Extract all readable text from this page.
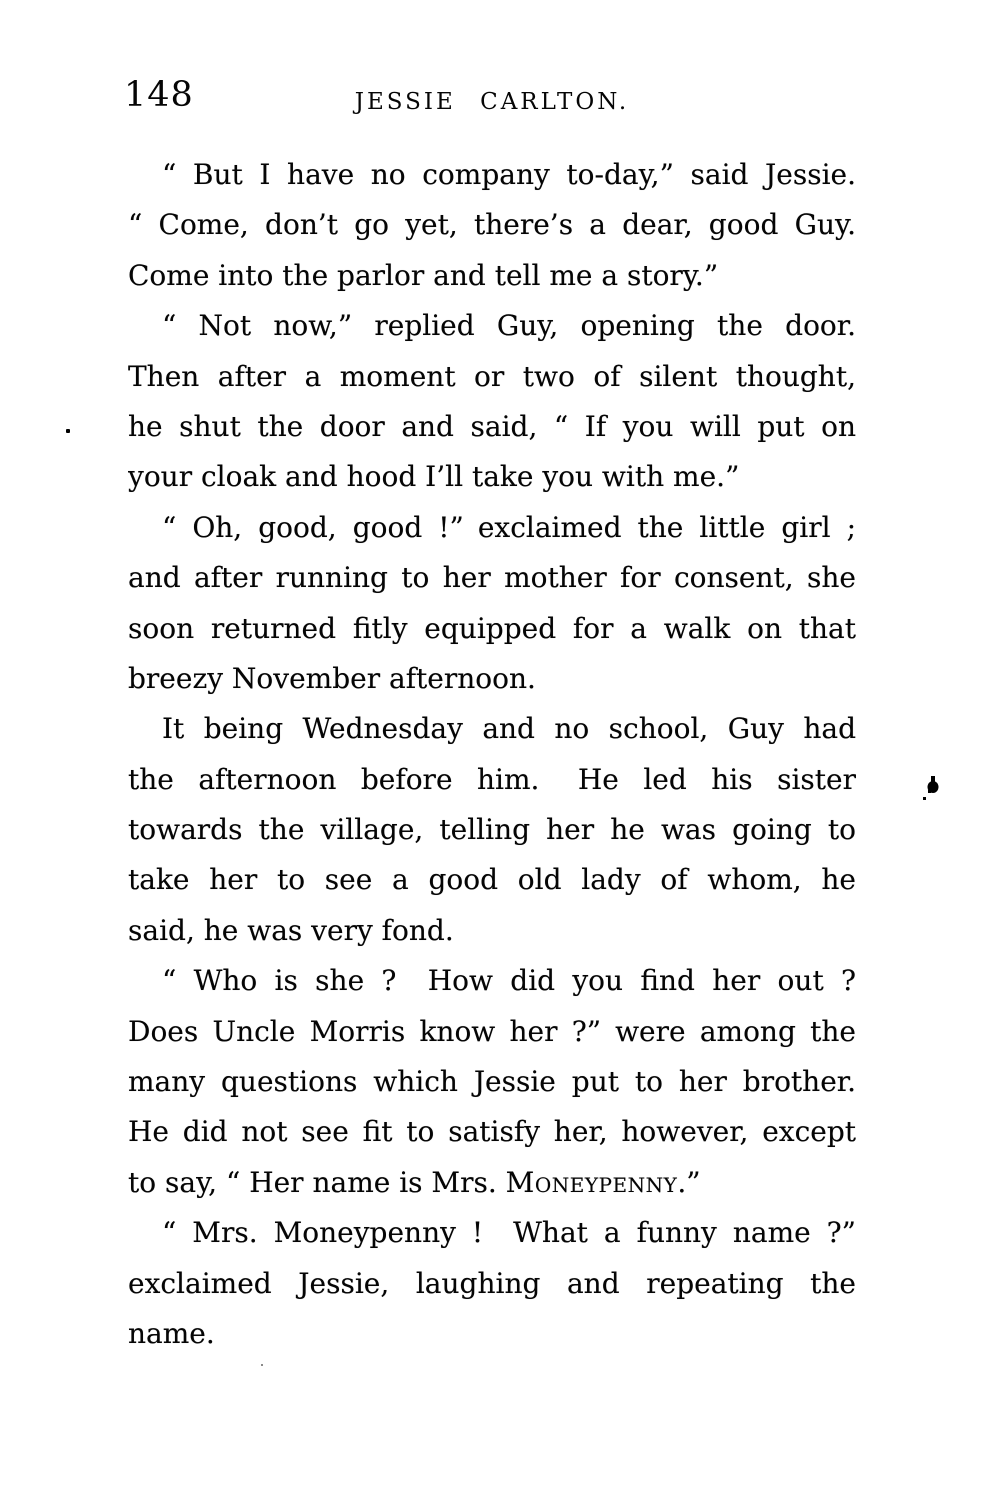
148	JESSIE CARLTON.
“ But I have no company to-day,” said Jessie.
“ Come, don’t go yet, there’s a dear, good Guy.
Come into the parlor and tell me a story.”
“ Not now,” replied Guy, opening the door.
Then after a moment or two of silent thought,
he shut the door and said, “ If you will put on
your cloak and hood I’ll take you with me.”
“ Oh, good, good !” exclaimed the little girl ;
and after running to her mother for consent, she
soon returned fitly equipped for a walk on that
breezy November afternoon.
It being Wednesday and no school, Guy had
the afternoon before him.  He led his sister
towards the village, telling her he was going to
take her to see a good old lady of whom, he
said, he was very fond.
“ Who is she ?  How did you find her out ?
Does Uncle Morris know her ?” were among the
many questions which Jessie put to her brother.
He did not see fit to satisfy her, however, except
to say, “ Her name is Mrs. Moneypenny.”
“ Mrs. Moneypenny !  What a funny name ?”
exclaimed Jessie, laughing and repeating the
name.
